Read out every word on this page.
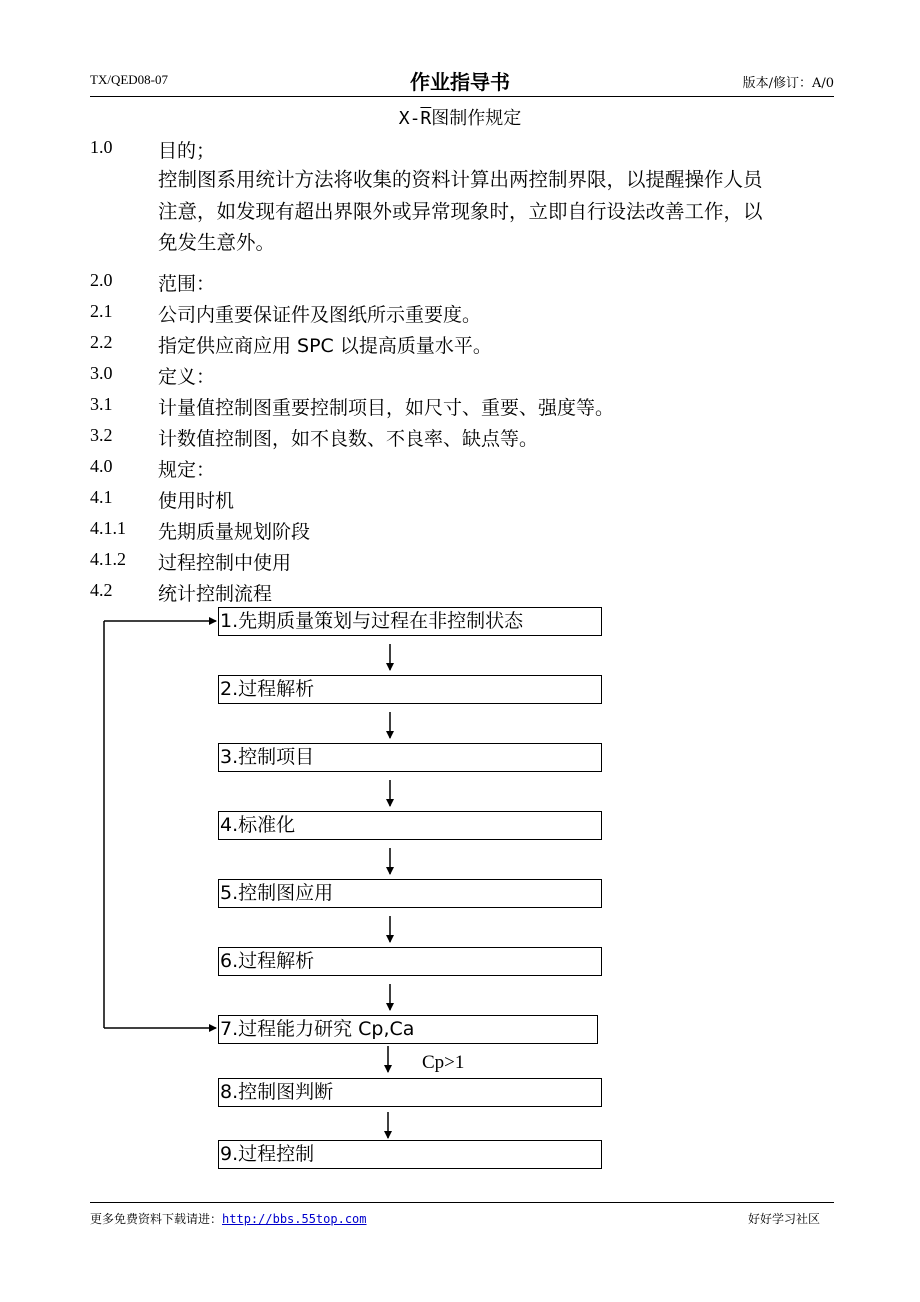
TX/QED08-07	作业指导书	版本/修订：A/0
$X-\overline{R}$图制作规定
1.0 目的；
控制图系用统计方法将收集的资料计算出两控制界限，以提醒操作人员
注意，如发现有超出界限外或异常现象时，立即自行设法改善工作，以
免发生意外。
2.0 范围：
2.1 公司内重要保证件及图纸所示重要度。
2.2 指定供应商应用 SPC 以提高质量水平。
3.0 定义：
3.1 计量值控制图重要控制项目，如尺寸、重要、强度等。
3.2 计数值控制图，如不良数、不良率、缺点等。
4.0 规定：
4.1 使用时机
4.1.1 先期质量规划阶段
4.1.2 过程控制中使用
4.2 统计控制流程
1.先期质量策划与过程在非控制状态
2.过程解析
3.控制项目
4.标准化
5.控制图应用
6.过程解析
7.过程能力研究 Cp,Ca
Cp>1
8.控制图判断
9.过程控制
更多免费资料下载请进：http://bbs.55top.com	好好学习社区
